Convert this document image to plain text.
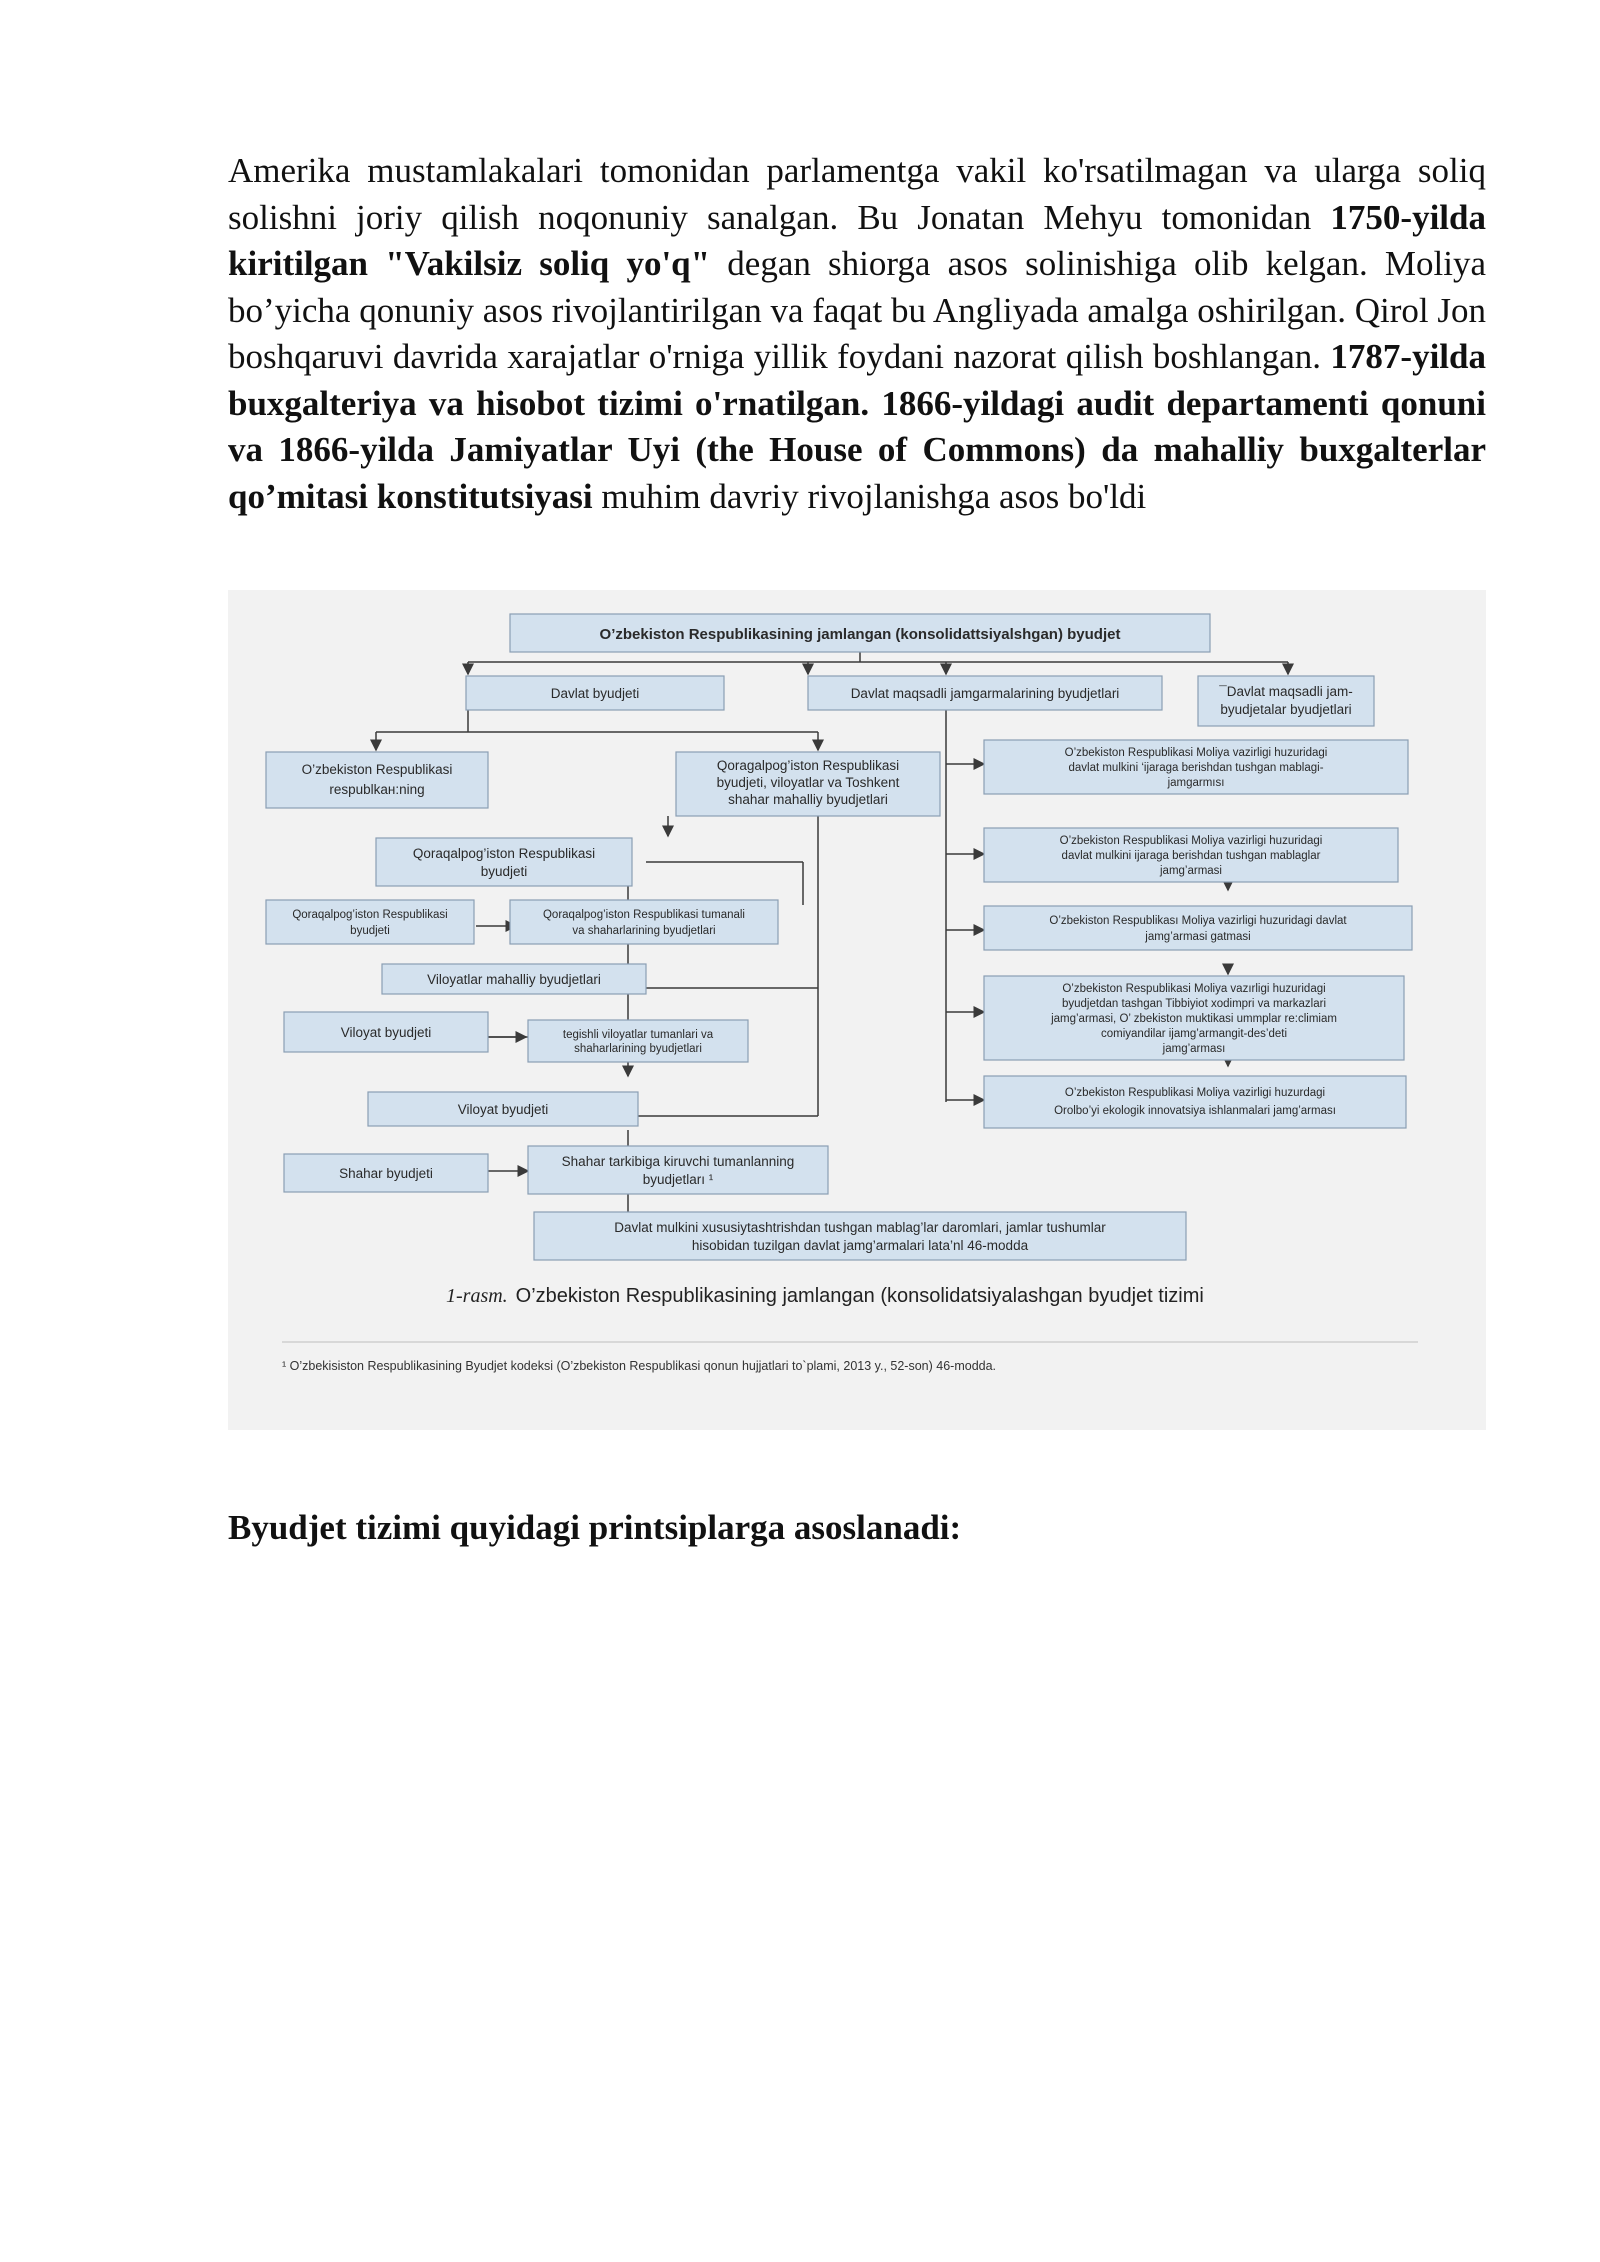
Amerika mustamlakalari tomonidan parlamentga vakil ko'rsatilmagan va ularga soliq solishni joriy qilish noqonuniy sanalgan. Bu Jonatan Mehyu tomonidan 1750-yilda kiritilgan "Vakilsiz soliq yo'q" degan shiorga asos solinishiga olib kelgan. Moliya bo’yicha qonuniy asos rivojlantirilgan va faqat bu Angliyada amalga oshirilgan. Qirol Jon boshqaruvi davrida xarajatlar o'rniga yillik foydani nazorat qilish boshlangan. 1787-yilda buxgalteriya va hisobot tizimi o'rnatilgan. 1866-yildagi audit departamenti qonuni va 1866-yilda Jamiyatlar Uyi (the House of Commons) da mahalliy buxgalterlar qo’mitasi konstitutsiyasi muhim davriy rivojlanishga asos bo'ldi

O’zbekiston Respublikasining jamlangan (konsolidattsiyalshgan) byudjet
Davlat byudjeti	Davlat maqsadli jamgarmalarining byudjetlari	¯Davlat maqsadli jam-
byudjetalar byudjetlari
O’zbekiston Respublikasi
respublkaн:ning
Qoragalpog’iston Respublikasi
byudjeti, viloyatlar va Toshkent
shahar mahalliy byudjetlari
Qoraqalpog’iston Respublikasi
byudjeti
Qoraqalpog’iston Respublikasi
byudjeti
Qoraqalpog’iston Respublikasi tumanali
va shaharlarining byudjetlari
Viloyatlar mahalliy byudjetlari
Viloyat byudjeti	tegishli viloyatlar tumanlari va
shaharlarining byudjetlari
Viloyat byudjeti
Shahar byudjeti
Shahar tarkibiga kiruvchi tumanlanning
byudjetları ¹
Davlat mulkini xususiytashtrishdan tushgan mablag’lar daromlari, jamlar tushumlar
hisobidan tuzilgan davlat jamg’armalari lata’nl 46-modda
O’zbekiston Respublikasi Moliya vazirligi huzuridagi
davlat mulkini ‘ijaraga berishdan tushgan mablagi-
jamgarmısı
O’zbekiston Respublikasi Moliya vazirligi huzuridagi
davlat mulkini ijaraga berishdan tushgan mablaglar
jamg’armasi
O’zbekiston Respublikası Moliya vazirligi huzuridagi davlat
jamg’armasi gatmasi
O’zbekiston Respublikasi Moliya vazırligi huzuridagi
byudjetdan tashgan Tibbiyiot xodimpri va markazlari
jamg’armasi, O’ zbekiston muktikasi ummplar re:climiam
comiyandilar ijamg’armangit-des’deti
jamg’arması
O’zbekiston Respublikasi Moliya vazirligi huzurdagi
Orolbo’yi ekologik innovatsiya ishlanmalari jamg’arması
1-rasm. O’zbekiston Respublikasining jamlangan (konsolidatsiyalashgan byudjet tizimi
¹ O’zbekisiston Respublikasining Byudjet kodeksi (O’zbekiston Respublikasi qonun hujjatlari to`plami, 2013 y., 52-son) 46-modda.
Byudjet tizimi quyidagi printsiplarga asoslanadi:
